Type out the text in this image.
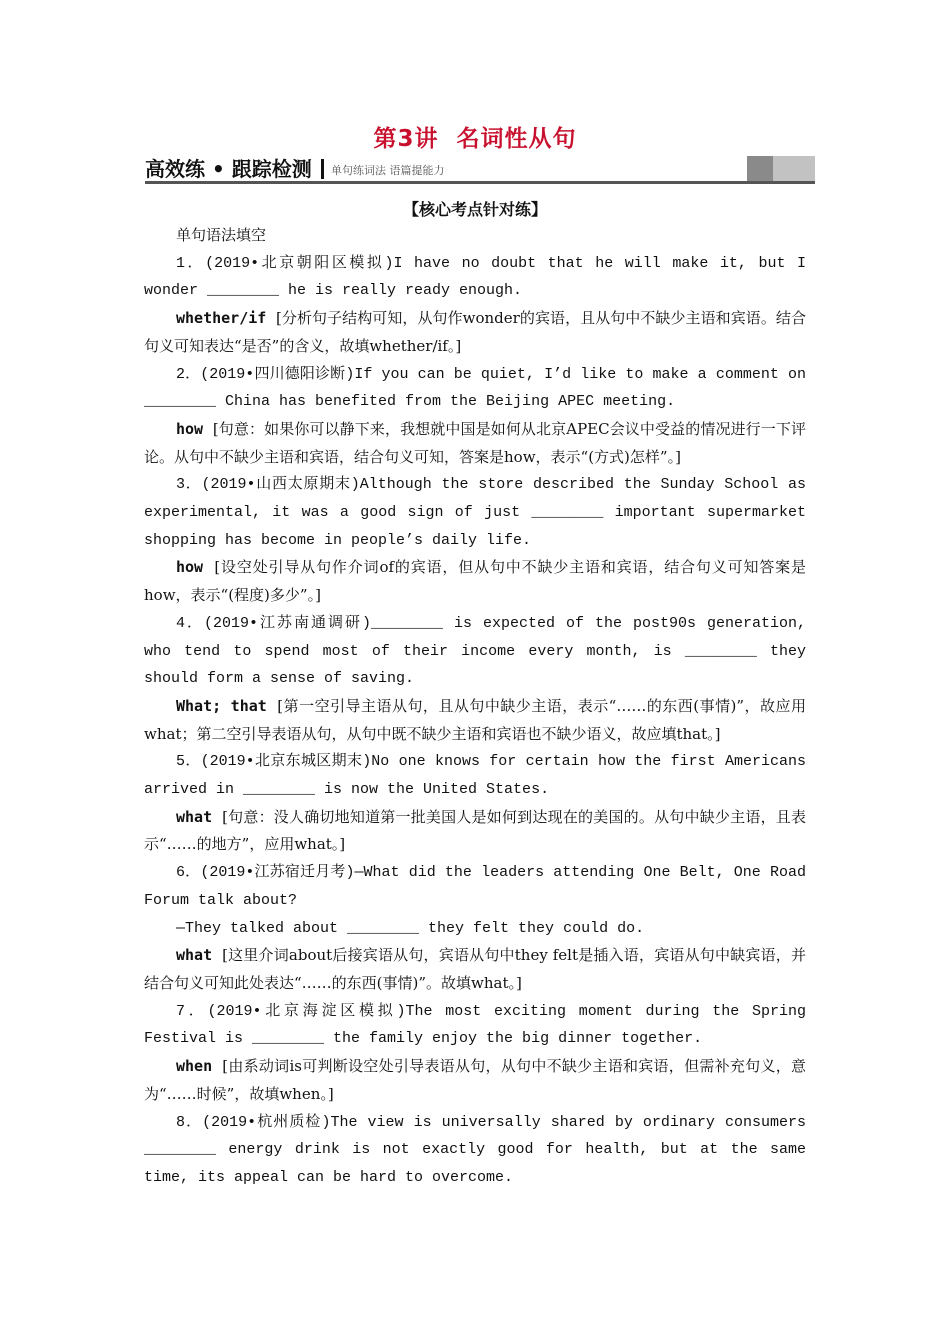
第3讲 名词性从句
高效练 • 跟踪检测 单句练词法 语篇提能力
【核心考点针对练】

单句语法填空

1．(2019•北京朝阳区模拟)I have no doubt that he will make it, but I wonder ________ he is really ready enough.

whether/if [分析句子结构可知，从句作wonder的宾语，且从句中不缺少主语和宾语。结合句义可知表达“是否”的含义，故填whether/if。]

2．(2019•四川德阳诊断)If you can be quiet, I’d like to make a comment on ________ China has benefited from the Beijing APEC meeting.

how [句意：如果你可以静下来，我想就中国是如何从北京APEC会议中受益的情况进行一下评论。从句中不缺少主语和宾语，结合句义可知，答案是how，表示“(方式)怎样”。]

3．(2019•山西太原期末)Although the store described the Sunday School as experimental, it was a good sign of just ________ important supermarket shopping has become in people’s daily life.

how [设空处引导从句作介词of的宾语，但从句中不缺少主语和宾语，结合句义可知答案是how，表示“(程度)多少”。]

4．(2019•江苏南通调研)________ is expected of the post90s generation, who tend to spend most of their income every month, is ________ they should form a sense of saving.

What; that [第一空引导主语从句，且从句中缺少主语，表示“……的东西(事情)”，故应用what；第二空引导表语从句，从句中既不缺少主语和宾语也不缺少语义，故应填that。]

5．(2019•北京东城区期末)No one knows for certain how the first Americans arrived in ________ is now the United States.

what [句意：没人确切地知道第一批美国人是如何到达现在的美国的。从句中缺少主语，且表示“……的地方”，应用what。]

6．(2019•江苏宿迁月考)—What did the leaders attending One Belt, One Road Forum talk about?

—They talked about ________ they felt they could do.

what [这里介词about后接宾语从句，宾语从句中they felt是插入语，宾语从句中缺宾语，并结合句义可知此处表达“……的东西(事情)”。故填what。]

7．(2019•北京海淀区模拟)The most exciting moment during the Spring Festival is ________ the family enjoy the big dinner together.

when [由系动词is可判断设空处引导表语从句，从句中不缺少主语和宾语，但需补充句义，意为“……时候”，故填when。]

8．(2019•杭州质检)The view is universally shared by ordinary consumers ________ energy drink is not exactly good for health, but at the same time, its appeal can be hard to overcome.
